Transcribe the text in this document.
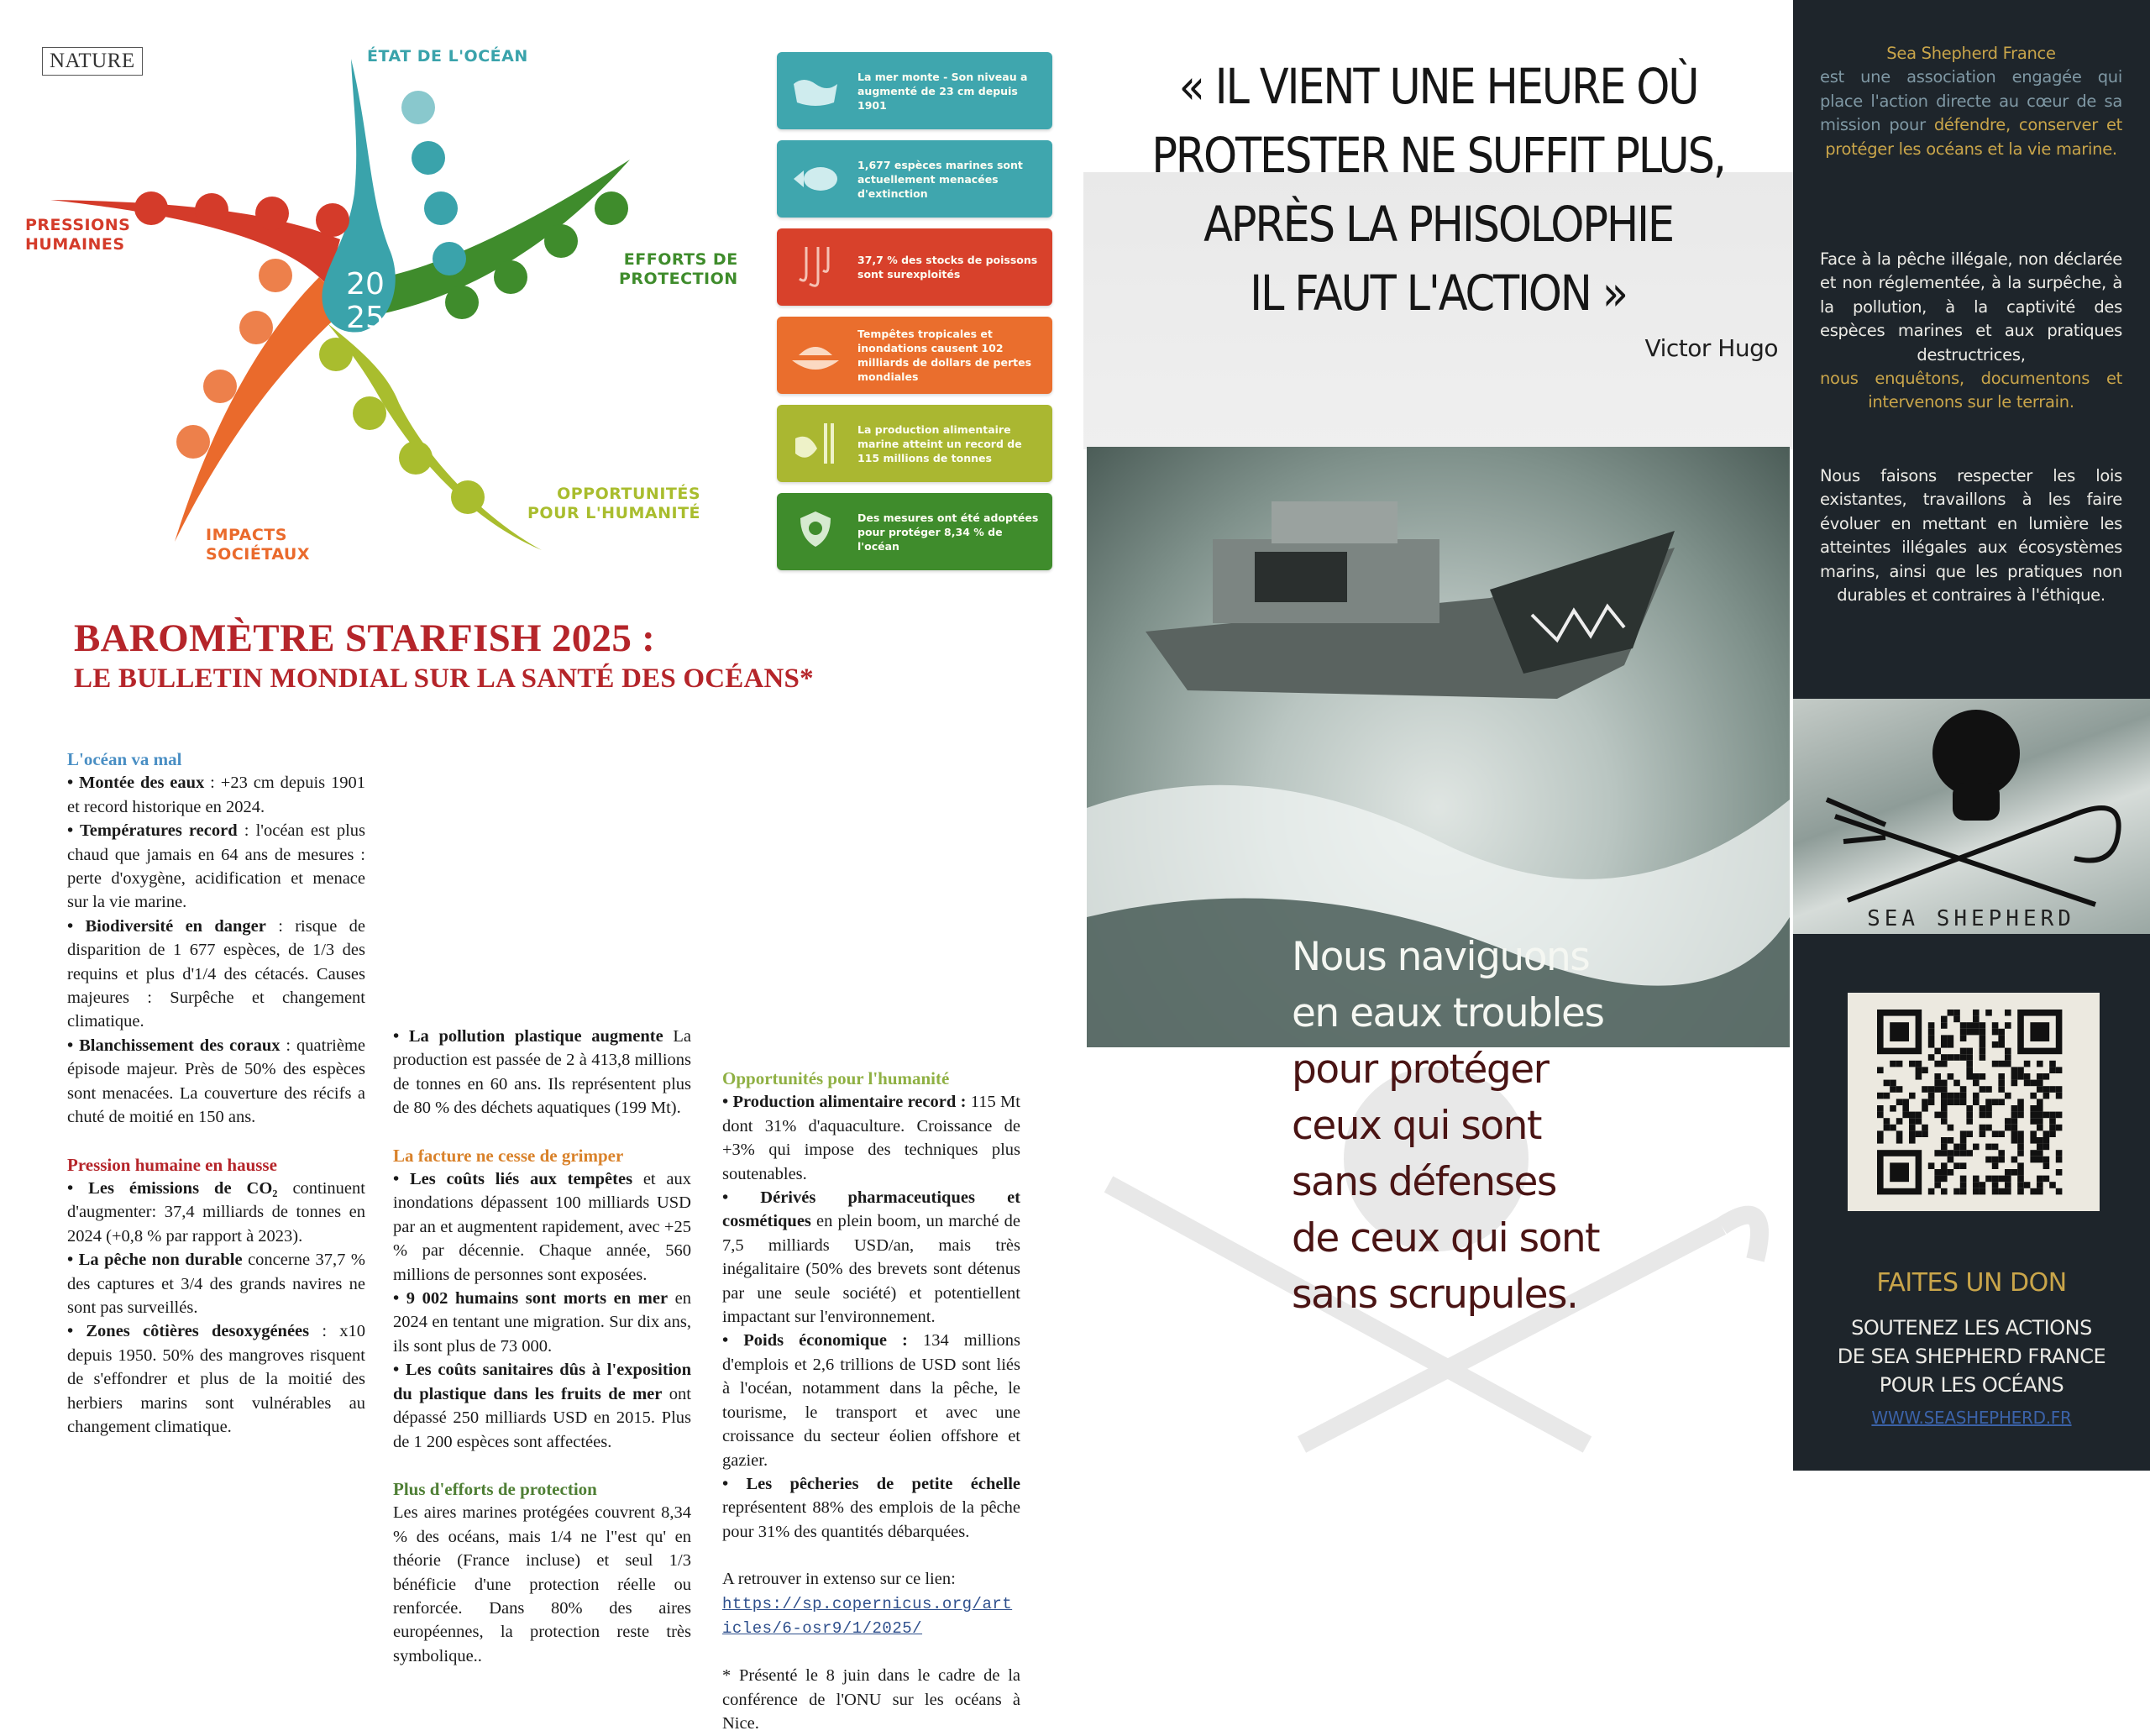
20
25
NATURE	ÉTAT DE L'OCÉAN
EFFORTS DE
PROTECTION
OPPORTUNITÉS
POUR L'HUMANITÉ
IMPACTS
SOCIÉTAUX
PRESSIONS
HUMAINES
La mer monte - Son niveau a augmenté de 23 cm depuis 1901
1,677 espèces marines sont actuellement menacées d'extinction
37,7 % des stocks de poissons sont surexploités
Tempêtes tropicales et inondations causent 102 milliards de dollars de pertes mondiales
La production alimentaire marine atteint un record de 115 millions de tonnes
Des mesures ont été adoptées pour protéger 8,34 % de l'océan
BAROMÈTRE STARFISH 2025 :
LE BULLETIN MONDIAL SUR LA SANTÉ DES OCÉANS*

L'océan va mal

• Montée des eaux : +23 cm depuis 1901 et record historique en 2024.

• Températures record : l'océan est plus chaud que jamais en 64 ans de mesures : perte d'oxygène, acidification et menace sur la vie marine.

• Biodiversité en danger : risque de disparition de 1 677 espèces, de 1/3 des requins et plus d'1/4 des cétacés. Causes majeures : Surpêche et changement climatique.

• Blanchissement des coraux : quatrième épisode majeur. Près de 50% des espèces sont menacées. La couverture des récifs a chuté de moitié en 150 ans.

Pression humaine en hausse

• Les émissions de CO₂ continuent d'augmenter: 37,4 milliards de tonnes en 2024 (+0,8 % par rapport à 2023).

• La pêche non durable concerne 37,7 % des captures et 3/4 des grands navires ne sont pas surveillés.

• Zones côtières desoxygénées : x10 depuis 1950. 50% des mangroves risquent de s'effondrer et plus de la moitié des herbiers marins sont vulnérables au changement climatique.

• La pollution plastique augmente La production est passée de 2 à 413,8 millions de tonnes en 60 ans. Ils représentent plus de 80 % des déchets aquatiques (199 Mt).

La facture ne cesse de grimper

• Les coûts liés aux tempêtes et aux inondations dépassent 100 milliards USD par an et augmentent rapidement, avec +25 % par décennie. Chaque année, 560 millions de personnes sont exposées.

• 9 002 humains sont morts en mer en 2024 en tentant une migration. Sur dix ans, ils sont plus de 73 000.

• Les coûts sanitaires dûs à l'exposition du plastique dans les fruits de mer ont dépassé 250 milliards USD en 2015. Plus de 1 200 espèces sont affectées.

Plus d'efforts de protection

Les aires marines protégées couvrent 8,34 % des océans, mais 1/4 ne l"est qu' en théorie (France incluse) et seul 1/3 bénéficie d'une protection réelle ou renforcée. Dans 80% des aires européennes, la protection reste très symbolique..

Opportunités pour l'humanité

• Production alimentaire record : 115 Mt dont 31% d'aquaculture. Croissance de +3% qui impose des techniques plus soutenables.

• Dérivés pharmaceutiques et cosmétiques en plein boom, un marché de 7,5 milliards USD/an, mais très inégalitaire (50% des brevets sont détenus par une seule société) et potentiellent impactant sur l'environnement.

• Poids économique : 134 millions d'emplois et 2,6 trillions de USD sont liés à l'océan, notamment dans la pêche, le tourisme, le transport et avec une croissance du secteur éolien offshore et gazier.

• Les pêcheries de petite échelle représentent 88% des emplois de la pêche pour 31% des quantités débarquées.

A retrouver in extenso sur ce lien:

https://sp.copernicus.org/articles/6-osr9/1/2025/

* Présenté le 8 juin dans le cadre de la conférence de l'ONU sur les océans à Nice.

« IL VIENT UNE HEURE OÙ
PROTESTER NE SUFFIT PLUS,
APRÈS LA PHISOLOPHIE
IL FAUT L'ACTION »
Victor Hugo
Nous naviguons
en eaux troubles
pour protéger
ceux qui sont
sans défenses
de ceux qui sont
sans scrupules.
Sea Shepherd France
est une association engagée qui place l'action directe au cœur de sa mission pour défendre, conserver et protéger les océans et la vie marine.
Face à la pêche illégale, non déclarée et non réglementée, à la surpêche, à la pollution, à la captivité des espèces marines et aux pratiques destructrices,
nous enquêtons, documentons et intervenons sur le terrain.
Nous faisons respecter les lois existantes, travaillons à les faire évoluer en mettant en lumière les atteintes illégales aux écosystèmes marins, ainsi que les pratiques non durables et contraires à l'éthique.
SEA SHEPHERD
FAITES UN DON
SOUTENEZ LES ACTIONS
DE SEA SHEPHERD FRANCE
POUR LES OCÉANS
WWW.SEASHEPHERD.FR
